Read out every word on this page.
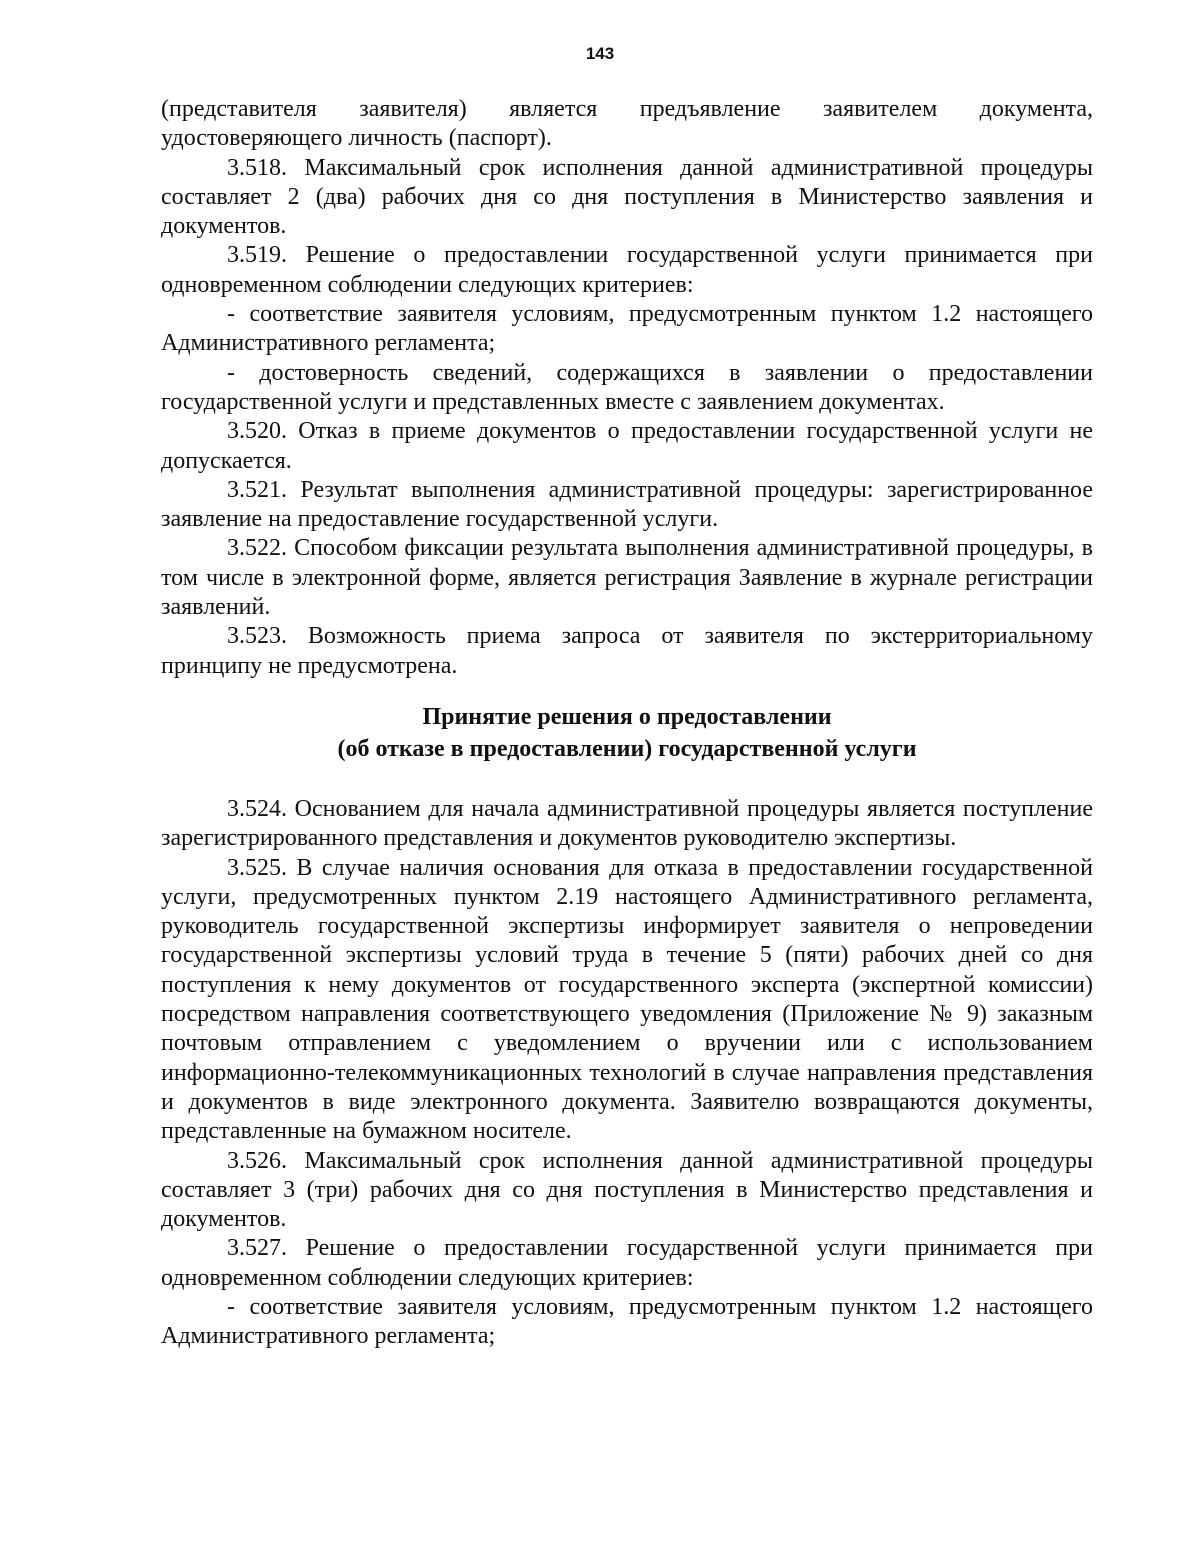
143

(представителя заявителя) является предъявление заявителем документа, удостоверяющего личность (паспорт).

3.518. Максимальный срок исполнения данной административной процедуры составляет 2 (два) рабочих дня со дня поступления в Министерство заявления и документов.

3.519. Решение о предоставлении государственной услуги принимается при одновременном соблюдении следующих критериев:

- соответствие заявителя условиям, предусмотренным пунктом 1.2 настоящего Административного регламента;

- достоверность сведений, содержащихся в заявлении о предоставлении государственной услуги и представленных вместе с заявлением документах.

3.520. Отказ в приеме документов о предоставлении государственной услуги не допускается.

3.521. Результат выполнения административной процедуры: зарегистрированное заявление на предоставление государственной услуги.

3.522. Способом фиксации результата выполнения административной процедуры, в том числе в электронной форме, является регистрация Заявление в журнале регистрации заявлений.

3.523. Возможность приема запроса от заявителя по экстерриториальному принципу не предусмотрена.

Принятие решения о предоставлении
(об отказе в предоставлении) государственной услуги

3.524. Основанием для начала административной процедуры является поступление зарегистрированного представления и документов руководителю экспертизы.

3.525. В случае наличия основания для отказа в предоставлении государственной услуги, предусмотренных пунктом 2.19 настоящего Административного регламента, руководитель государственной экспертизы информирует заявителя о непроведении государственной экспертизы условий труда в течение 5 (пяти) рабочих дней со дня поступления к нему документов от государственного эксперта (экспертной комиссии) посредством направления соответствующего уведомления (Приложение № 9) заказным почтовым отправлением с уведомлением о вручении или с использованием информационно-телекоммуникационных технологий в случае направления представления и документов в виде электронного документа. Заявителю возвращаются документы, представленные на бумажном носителе.

3.526. Максимальный срок исполнения данной административной процедуры составляет 3 (три) рабочих дня со дня поступления в Министерство представления и документов.

3.527. Решение о предоставлении государственной услуги принимается при одновременном соблюдении следующих критериев:

- соответствие заявителя условиям, предусмотренным пунктом 1.2 настоящего Административного регламента;
